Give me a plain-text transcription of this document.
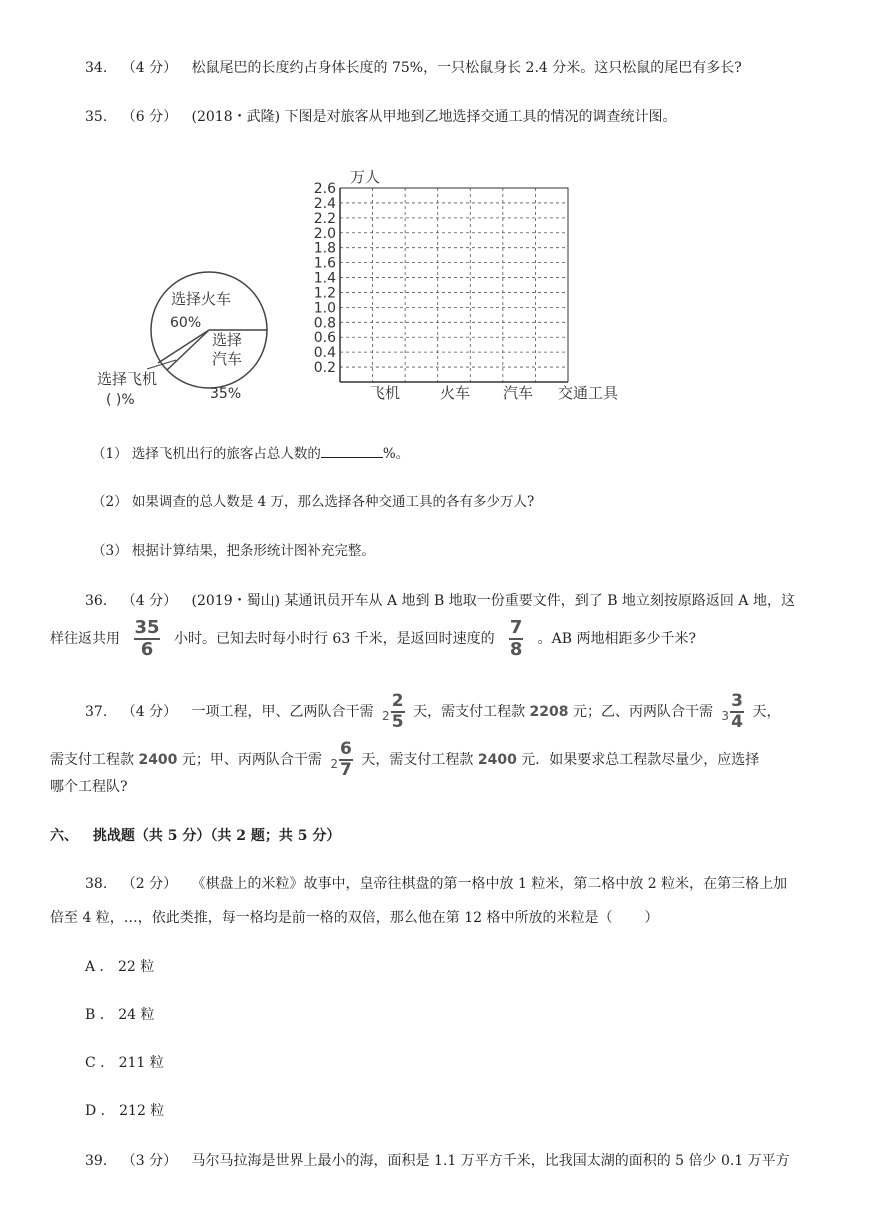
34. （4 分） 松鼠尾巴的长度约占身体长度的 75%，一只松鼠身长 2.4 分米。这只松鼠的尾巴有多长?
35. （6 分） (2018・武隆) 下图是对旅客从甲地到乙地选择交通工具的情况的调查统计图。
选择火车
60%
选择 汽车
35%
选择飞机
( )%
0.2
0.4
0.6
0.8
1.0
1.2
1.4
1.6
1.8
2.0
2.2
2.4
2.6
万人
飞机	火车 汽车 交通工具
（1） 选择飞机出行的旅客占总人数的	%。
（2） 如果调查的总人数是 4 万，那么选择各种交通工具的各有多少万人?
（3） 根据计算结果，把条形统计图补充完整。
36. （4 分） (2019・蜀山) 某通讯员开车从 A 地到 B 地取一份重要文件，到了 B 地立刻按原路返回 A 地，这
样往返共用 $\frac{35}{6}$ 小时。已知去时每小时行 63 千米，是返回时速度的 $\frac{7}{8}$ 。AB 两地相距多少千米?
37. （4 分） 一项工程，甲、乙两队合干需 $2 \frac{2}{5}$ 天，需支付工程款 2208 元；乙、丙两队合干需 $3 \frac{3}{4}$ 天，
需支付工程款 2400 元；甲、丙两队合干需 $2 \frac{6}{7}$ 天，需支付工程款 2400 元．如果要求总工程款尽量少，应选择
哪个工程队?
六、 挑战题（共 5 分）（共 2 题；共 5 分）
38. （2 分） 《棋盘上的米粒》故事中，皇帝往棋盘的第一格中放 1 粒米，第二格中放 2 粒米，在第三格上加
倍至 4 粒，…，依此类推，每一格均是前一格的双倍，那么他在第 12 格中所放的米粒是（ ）
A ． 22 粒
B ． 24 粒
C ． 211 粒
D ． 212 粒
39. （3 分） 马尔马拉海是世界上最小的海，面积是 1.1 万平方千米，比我国太湖的面积的 5 倍少 0.1 万平方
